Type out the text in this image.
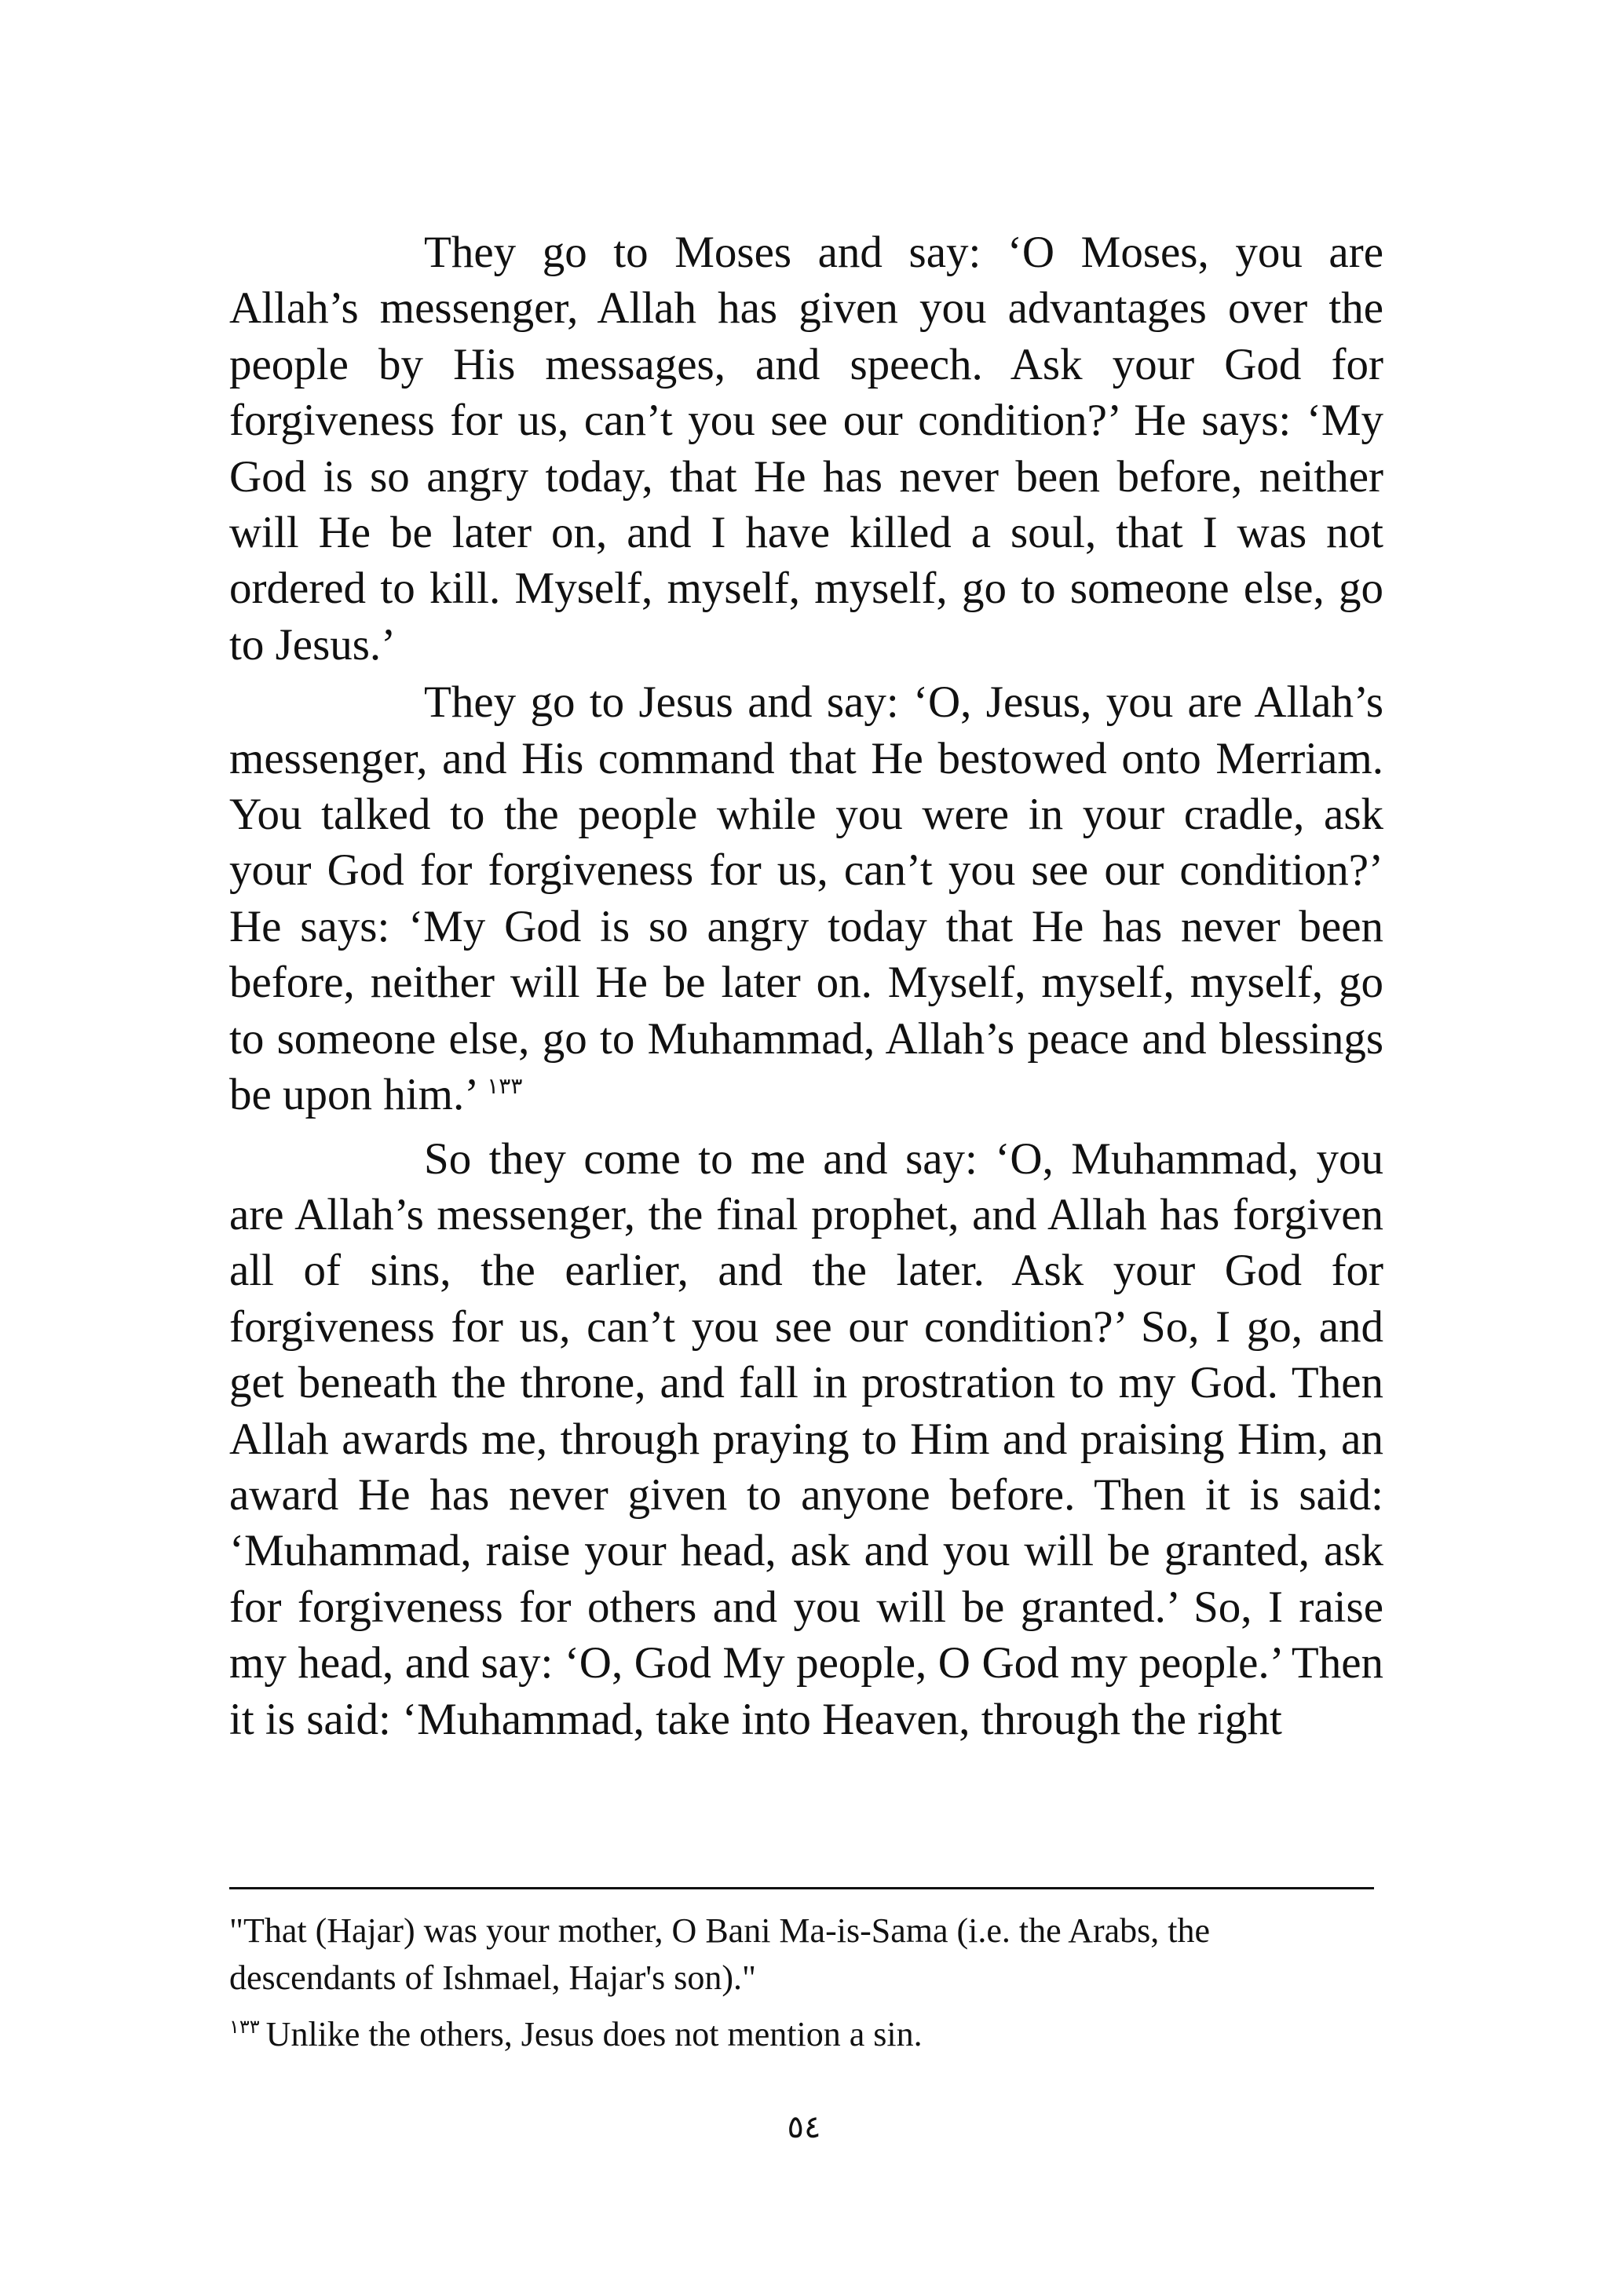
They go to Moses and say: ‘O Moses, you are Allah’s messenger, Allah has given you advantages over the people by His messages, and speech. Ask your God for forgiveness for us, can’t you see our condition?’ He says: ‘My God is so angry today, that He has never been before, neither will He be later on, and I have killed a soul, that I was not ordered to kill. Myself, myself, myself, go to someone else, go to Jesus.’

They go to Jesus and say: ‘O, Jesus, you are Allah’s messenger, and His command that He bestowed onto Merriam. You talked to the people while you were in your cradle, ask your God for forgiveness for us, can’t you see our condition?’ He says: ‘My God is so angry today that He has never been before, neither will He be later on. Myself, myself, myself, go to someone else, go to Muhammad, Allah’s peace and blessings be upon him.’ $^{١٣٣}$

So they come to me and say: ‘O, Muhammad, you are Allah’s messenger, the final prophet, and Allah has forgiven all of sins, the earlier, and the later. Ask your God for forgiveness for us, can’t you see our condition?’ So, I go, and get beneath the throne, and fall in prostration to my God. Then Allah awards me, through praying to Him and praising Him, an award He has never given to anyone before. Then it is said: ‘Muhammad, raise your head, ask and you will be granted, ask for forgiveness for others and you will be granted.’ So, I raise my head, and say: ‘O, God My people, O God my people.’ Then it is said: ‘Muhammad, take into Heaven, through the right

"That (Hajar) was your mother, O Bani Ma-is-Sama (i.e. the Arabs, the descendants of Ishmael, Hajar's son)."

$^{١٣٣}$ Unlike the others, Jesus does not mention a sin.

٥٤
